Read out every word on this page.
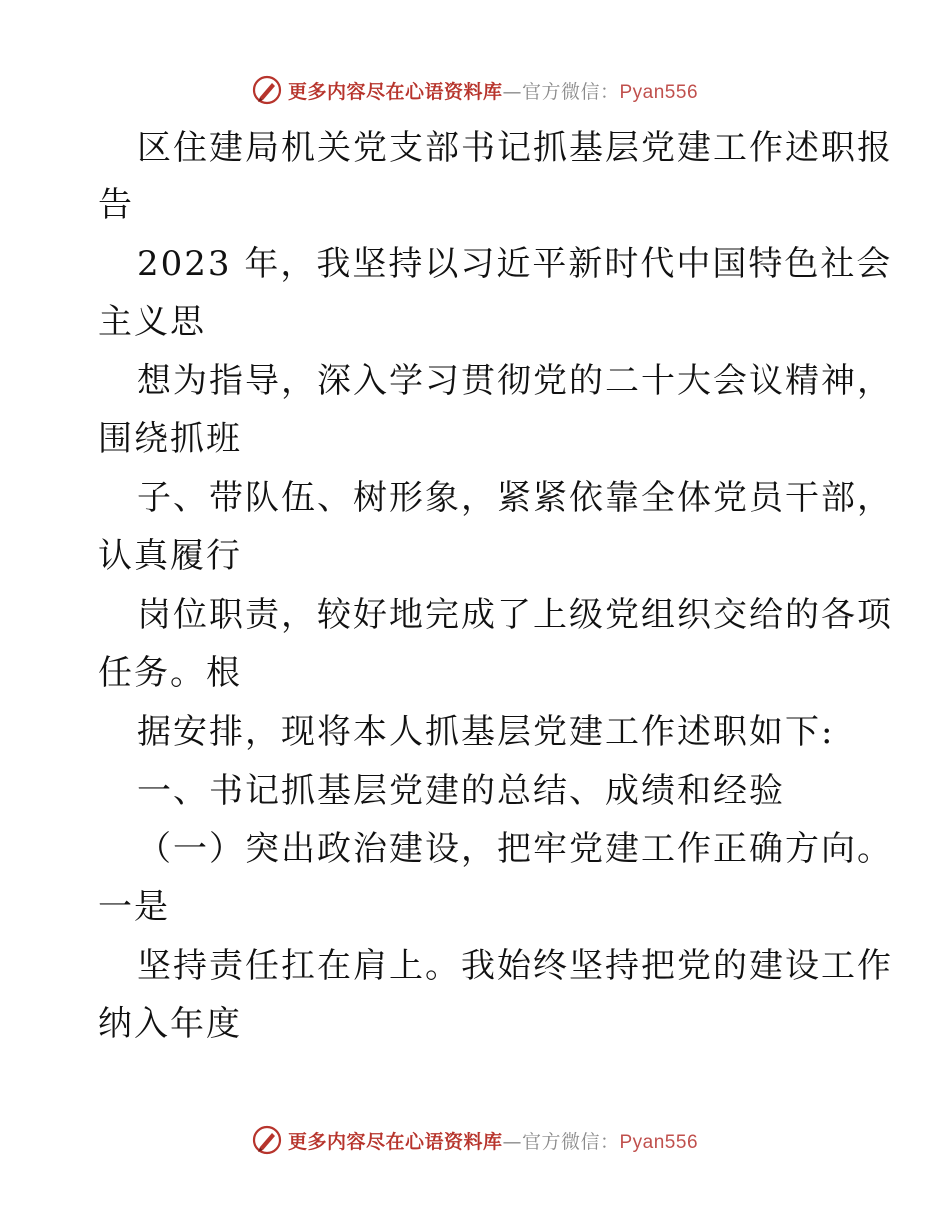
更多内容尽在心语资料库—官方微信：Pyan556
区住建局机关党支部书记抓基层党建工作述职报
告
2023 年，我坚持以习近平新时代中国特色社会
主义思
想为指导，深入学习贯彻党的二十大会议精神，
围绕抓班
子、带队伍、树形象，紧紧依靠全体党员干部，
认真履行
岗位职责，较好地完成了上级党组织交给的各项
任务。根
据安排，现将本人抓基层党建工作述职如下:
一、书记抓基层党建的总结、成绩和经验
（一）突出政治建设，把牢党建工作正确方向。
一是
坚持责任扛在肩上。我始终坚持把党的建设工作
纳入年度
更多内容尽在心语资料库—官方微信：Pyan556
